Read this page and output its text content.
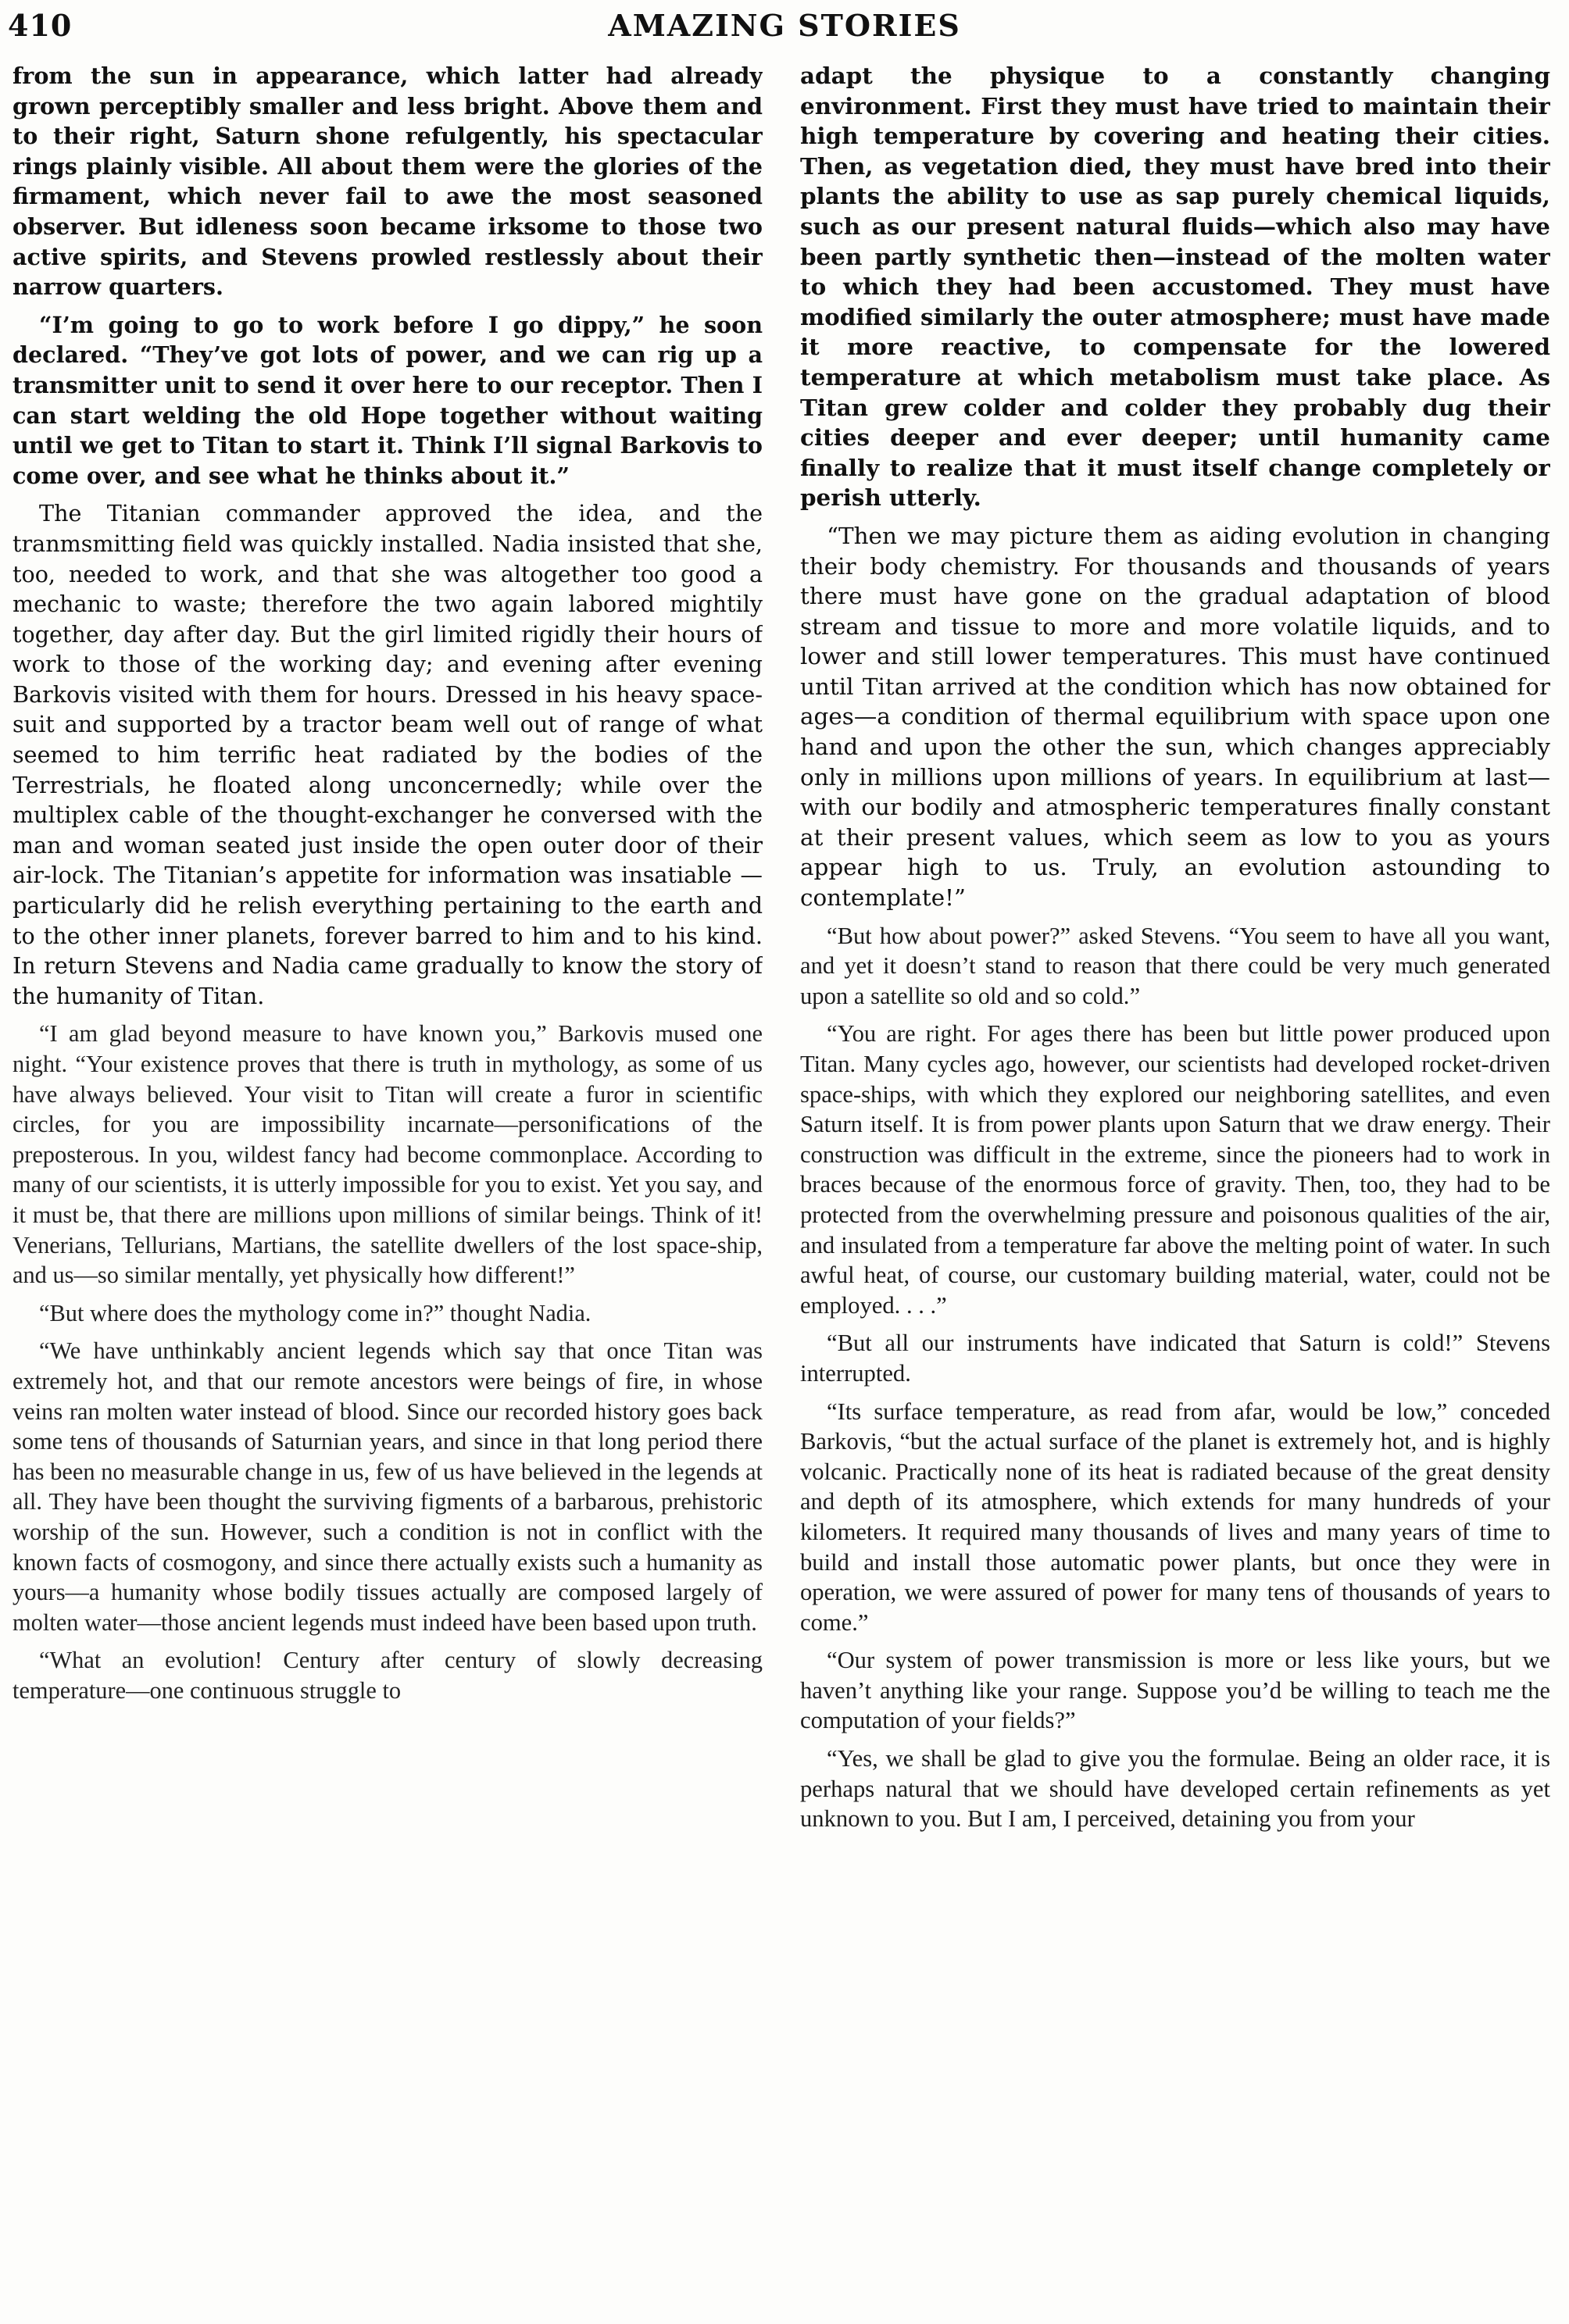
410	AMAZING STORIES

from the sun in appearance, which latter had already grown perceptibly smaller and less bright. Above them and to their right, Saturn shone refulgently, his spectacular rings plainly visible. All about them were the glories of the firmament, which never fail to awe the most seasoned observer. But idleness soon became irksome to those two active spirits, and Stevens prowled restlessly about their narrow quarters.

“I’m going to go to work before I go dippy,” he soon declared. “They’ve got lots of power, and we can rig up a transmitter unit to send it over here to our receptor. Then I can start welding the old Hope together without waiting until we get to Titan to start it. Think I’ll signal Barkovis to come over, and see what he thinks about it.”

The Titanian commander approved the idea, and the tranmsmitting field was quickly installed. Nadia insisted that she, too, needed to work, and that she was altogether too good a mechanic to waste; therefore the two again labored mightily together, day after day. But the girl limited rigidly their hours of work to those of the working day; and evening after evening Barkovis visited with them for hours. Dressed in his heavy space-suit and supported by a tractor beam well out of range of what seemed to him terrific heat radiated by the bodies of the Terrestrials, he floated along unconcernedly; while over the multiplex cable of the thought-exchanger he conversed with the man and woman seated just inside the open outer door of their air-lock. The Titanian’s appetite for information was insatiable —particularly did he relish everything pertaining to the earth and to the other inner planets, forever barred to him and to his kind. In return Stevens and Nadia came gradually to know the story of the humanity of Titan.

“I am glad beyond measure to have known you,” Barkovis mused one night. “Your existence proves that there is truth in mythology, as some of us have always believed. Your visit to Titan will create a furor in scientific circles, for you are impossibility incarnate—personifications of the preposterous. In you, wildest fancy had become commonplace. According to many of our scientists, it is utterly impossible for you to exist. Yet you say, and it must be, that there are millions upon millions of similar beings. Think of it! Venerians, Tellurians, Martians, the satellite dwellers of the lost space-ship, and us—so similar mentally, yet physically how different!”

“But where does the mythology come in?” thought Nadia.

“We have unthinkably ancient legends which say that once Titan was extremely hot, and that our remote ancestors were beings of fire, in whose veins ran molten water instead of blood. Since our recorded history goes back some tens of thousands of Saturnian years, and since in that long period there has been no measurable change in us, few of us have believed in the legends at all. They have been thought the surviving figments of a barbarous, prehistoric worship of the sun. However, such a condition is not in conflict with the known facts of cosmogony, and since there actually exists such a humanity as yours—a humanity whose bodily tissues actually are composed largely of molten water—those ancient legends must indeed have been based upon truth.

“What an evolution! Century after century of slowly decreasing temperature—one continuous struggle to

adapt the physique to a constantly changing environment. First they must have tried to maintain their high temperature by covering and heating their cities. Then, as vegetation died, they must have bred into their plants the ability to use as sap purely chemical liquids, such as our present natural fluids—which also may have been partly synthetic then—instead of the molten water to which they had been accustomed. They must have modified similarly the outer atmosphere; must have made it more reactive, to compensate for the lowered temperature at which metabolism must take place. As Titan grew colder and colder they probably dug their cities deeper and ever deeper; until humanity came finally to realize that it must itself change completely or perish utterly.

“Then we may picture them as aiding evolution in changing their body chemistry. For thousands and thousands of years there must have gone on the gradual adaptation of blood stream and tissue to more and more volatile liquids, and to lower and still lower temperatures. This must have continued until Titan arrived at the condition which has now obtained for ages—a condition of thermal equilibrium with space upon one hand and upon the other the sun, which changes appreciably only in millions upon millions of years. In equilibrium at last—with our bodily and atmospheric temperatures finally constant at their present values, which seem as low to you as yours appear high to us. Truly, an evolution astounding to contemplate!”

“But how about power?” asked Stevens. “You seem to have all you want, and yet it doesn’t stand to reason that there could be very much generated upon a satellite so old and so cold.”

“You are right. For ages there has been but little power produced upon Titan. Many cycles ago, however, our scientists had developed rocket-driven space-ships, with which they explored our neighboring satellites, and even Saturn itself. It is from power plants upon Saturn that we draw energy. Their construction was difficult in the extreme, since the pioneers had to work in braces because of the enormous force of gravity. Then, too, they had to be protected from the overwhelming pressure and poisonous qualities of the air, and insulated from a temperature far above the melting point of water. In such awful heat, of course, our customary building material, water, could not be employed. . . .”

“But all our instruments have indicated that Saturn is cold!” Stevens interrupted.

“Its surface temperature, as read from afar, would be low,” conceded Barkovis, “but the actual surface of the planet is extremely hot, and is highly volcanic. Practically none of its heat is radiated because of the great density and depth of its atmosphere, which extends for many hundreds of your kilometers. It required many thousands of lives and many years of time to build and install those automatic power plants, but once they were in operation, we were assured of power for many tens of thousands of years to come.”

“Our system of power transmission is more or less like yours, but we haven’t anything like your range. Suppose you’d be willing to teach me the computation of your fields?”

“Yes, we shall be glad to give you the formulae. Being an older race, it is perhaps natural that we should have developed certain refinements as yet unknown to you. But I am, I perceived, detaining you from your
